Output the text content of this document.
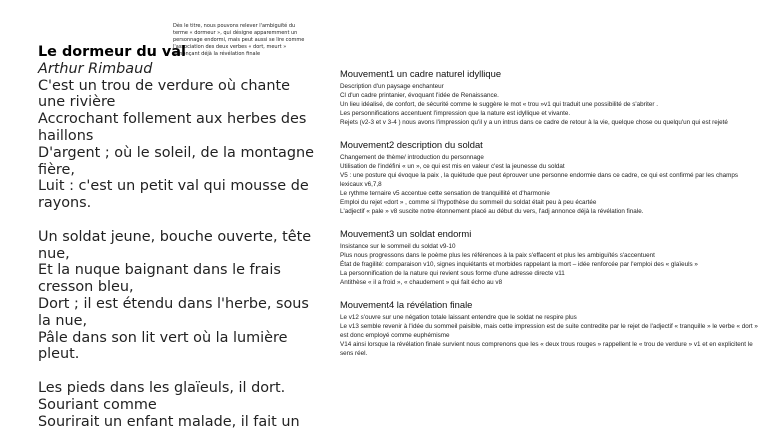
Dès le titre, nous pouvons relever l'ambiguïté du
terme « dormeur », qui désigne apparemment un
personnage endormi, mais peut aussi se lire comme
l'association des deux verbes « dort, meurt »
annonçant déjà la révélation finale
Le dormeur du val
Arthur Rimbaud
C'est un trou de verdure où chante une rivière
Accrochant follement aux herbes des haillons
D'argent ; où le soleil, de la montagne fière,
Luit : c'est un petit val qui mousse de rayons.
Un soldat jeune, bouche ouverte, tête nue,
Et la nuque baignant dans le frais cresson bleu,
Dort ; il est étendu dans l'herbe, sous la nue,
Pâle dans son lit vert où la lumière pleut.
Les pieds dans les glaïeuls, il dort. Souriant comme
Sourirait un enfant malade, il fait un
Mouvement1 un cadre naturel idyllique

Description d'un paysage enchanteur

Cl d'un cadre printanier, évoquant l'idée de Renaissance.

Un lieu idéalisé, de confort, de sécurité comme le suggère le mot « trou »v1 qui traduit une possibilité de s'abriter .

Les personnifications accentuent l'impression que la nature est idyllique et vivante.

Rejets (v2-3 et v 3-4 ) nous avons l'impression qu'il y a un intrus dans ce cadre de retour à la vie, quelque chose ou quelqu'un qui est rejeté

Mouvement2 description du soldat

Changement de thème/ introduction du personnage

Utilisation de l'indéfini « un », ce qui est mis en valeur c'est la jeunesse du soldat

V5 : une posture qui évoque la paix , la quiétude que peut éprouver une personne endormie dans ce cadre, ce qui est confirmé par les champs lexicaux v6,7,8

Le rythme ternaire v5 accentue cette sensation de tranquillité et d'harmonie

Emploi du rejet «dort » , comme si l'hypothèse du sommeil du soldat était peu à peu écartée

L'adjectif « pale » v8 suscite notre étonnement placé au début du vers, l'adj annonce déjà la révélation finale.

Mouvement3 un soldat endormi

Insistance sur le sommeil du soldat v9-10

Plus nous progressons dans le poème plus les références à la paix s'effacent et plus les ambiguïtés s'accentuent

État de fragilité: comparaison v10, signes inquiétants et morbides rappelant la mort – idée renforcée par l'emploi des « glaïeuls »

La personnification de la nature qui revient sous forme d'une adresse directe v11

Antithèse « il a froid », « chaudement » qui fait écho au v8

Mouvement4 la révélation finale

Le v12 s'ouvre sur une négation totale laissant entendre que le soldat ne respire plus

Le v13 semble revenir à l'idée du sommeil paisible, mais cette impression est de suite contredite par le rejet de l'adjectif « tranquille » le verbe « dort » est donc employé comme euphémisme

V14 ainsi lorsque la révélation finale survient nous comprenons que les « deux trous rouges » rappellent le « trou de verdure » v1 et en explicitent le sens réel.
